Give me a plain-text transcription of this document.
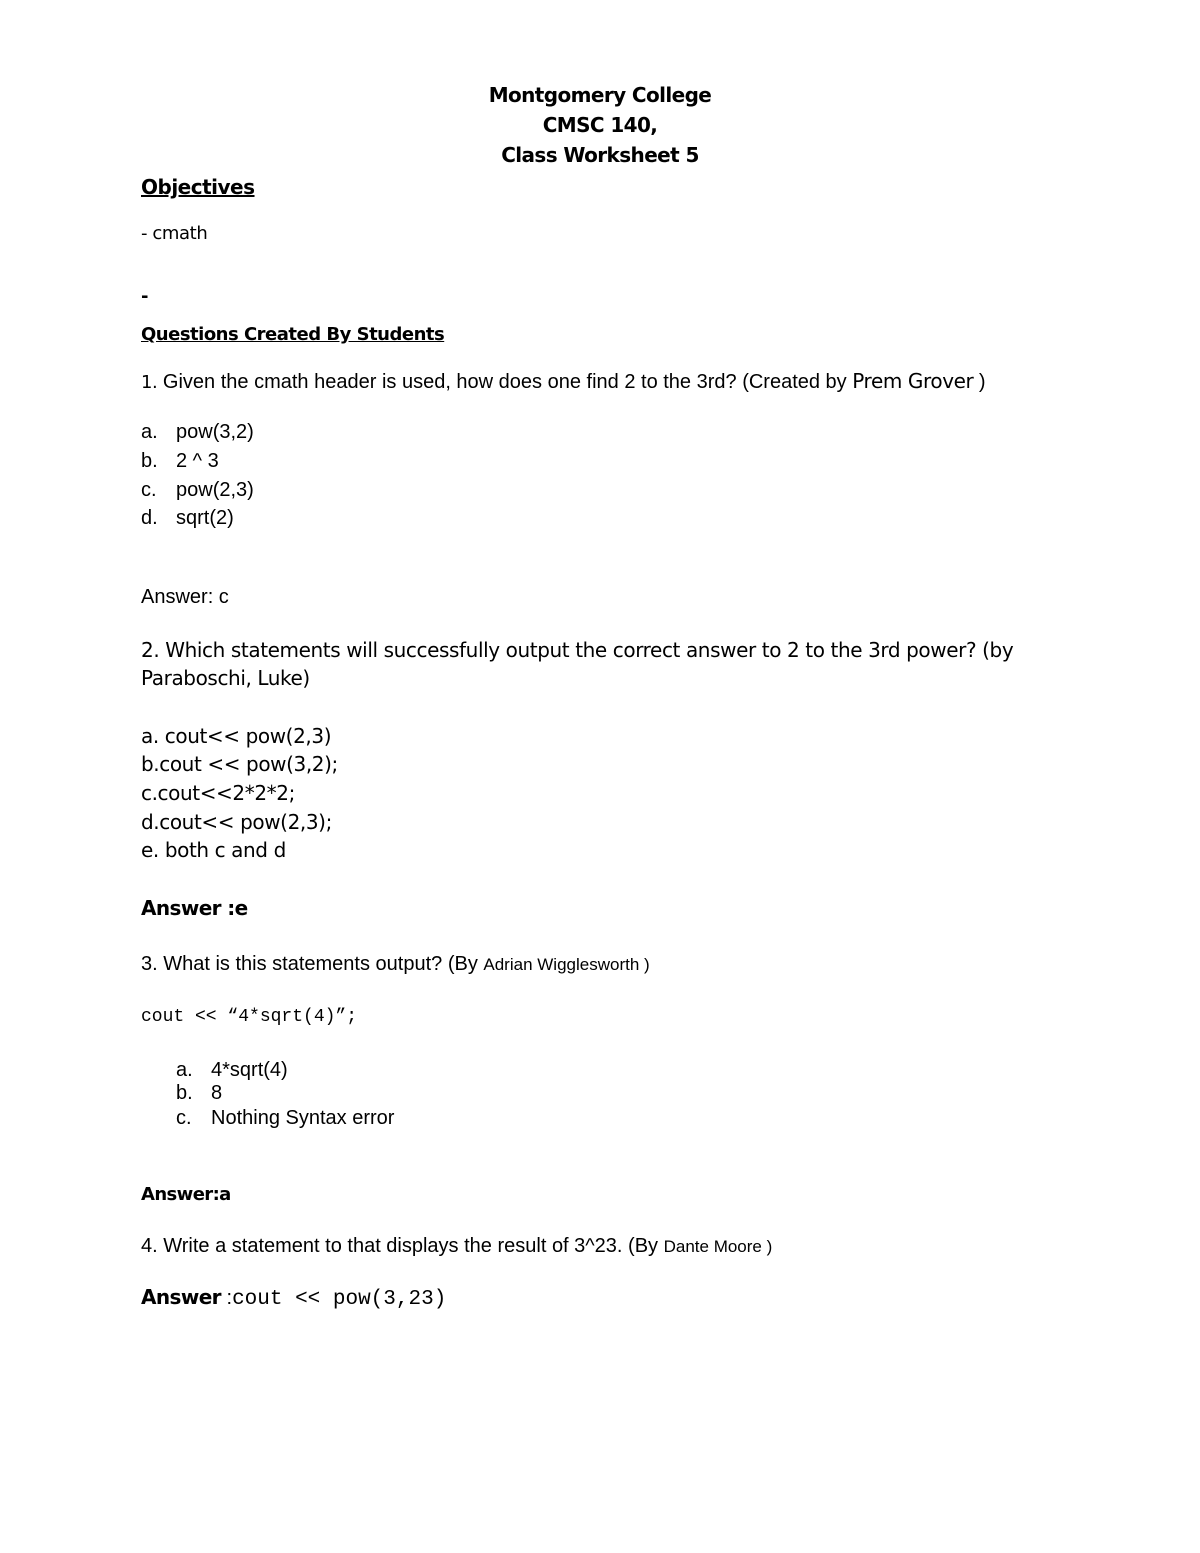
Montgomery College
CMSC 140,
Class Worksheet 5
Objectives
- cmath
-
Questions Created By Students
1. Given the cmath header is used, how does one find 2 to the 3rd? (Created by Prem Grover )
a. pow(3,2)
b. 2 ^ 3
c. pow(2,3)
d. sqrt(2)
Answer: c
2. Which statements will successfully output the correct answer to 2 to the 3rd power? (by
Paraboschi, Luke)
a. cout<< pow(2,3)
b.cout << pow(3,2);
c.cout<<2*2*2;
d.cout<< pow(2,3);
e. both c and d
Answer :e
3. What is this statements output? (By Adrian Wigglesworth )
cout << “4*sqrt(4)”;
a. 4*sqrt(4)
b. 8
c. Nothing Syntax error
Answer:a
4. Write a statement to that displays the result of 3^23. (By Dante Moore )
Answer :cout << pow(3,23)
